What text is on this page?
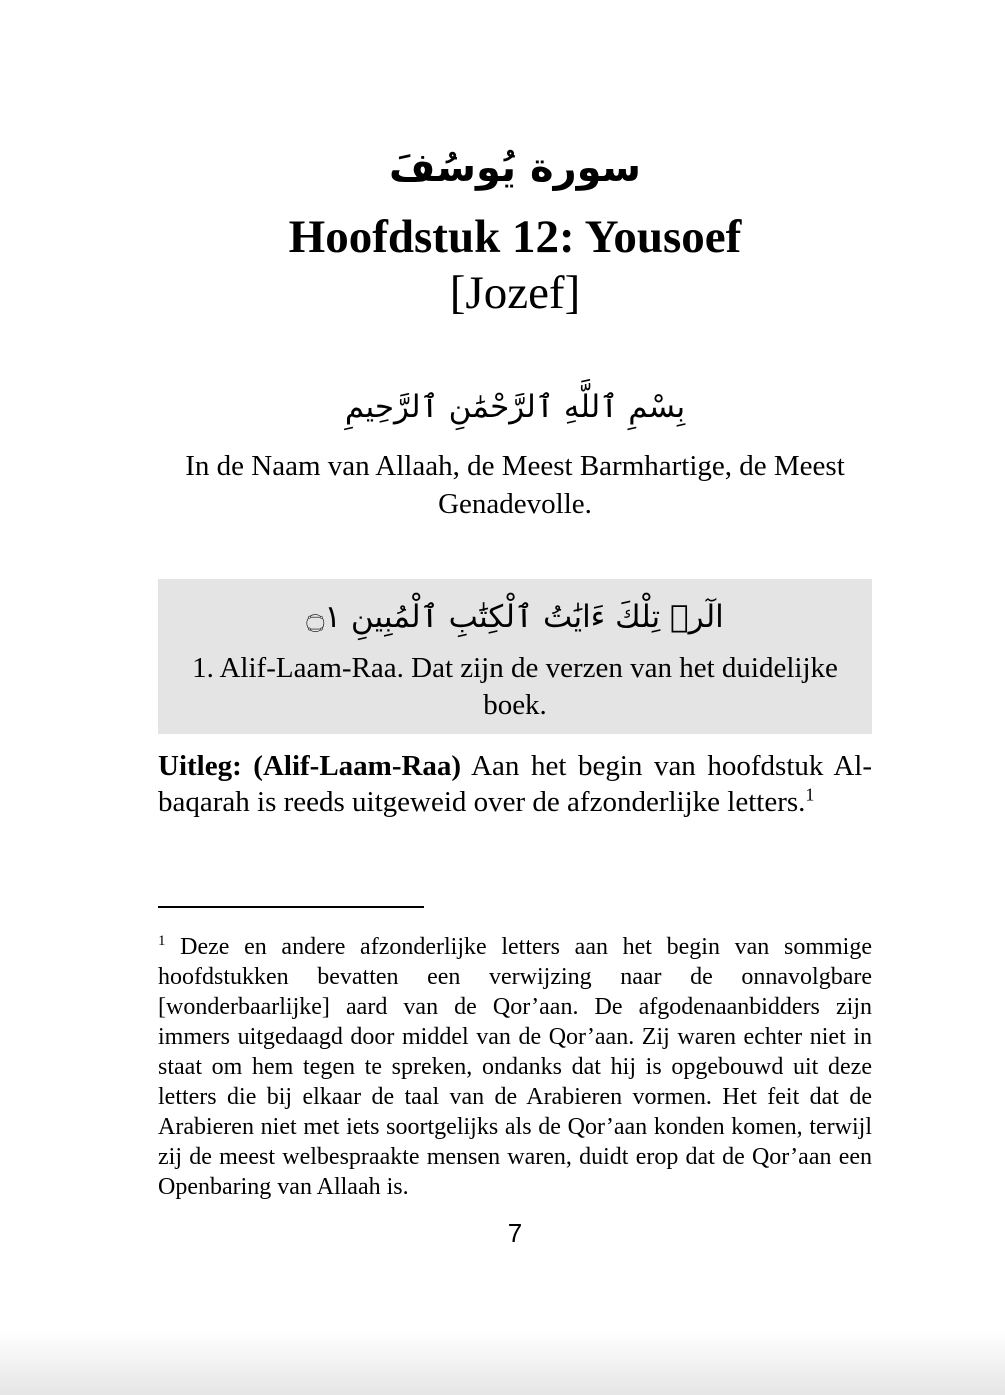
سورة يُوسُفَ
Hoofdstuk 12: Yousoef
[Jozef]
بِسْمِ ٱللَّهِ ٱلرَّحْمَٰنِ ٱلرَّحِيمِ
In de Naam van Allaah, de Meest Barmhartige, de Meest Genadevolle.
الٓرۚ تِلْكَ ءَايَٰتُ ٱلْكِتَٰبِ ٱلْمُبِينِ ۝١
1. Alif-Laam-Raa. Dat zijn de verzen van het duidelijke boek.

Uitleg: (Alif-Laam-Raa) Aan het begin van hoofdstuk Al-baqarah is reeds uitgeweid over de afzonderlijke letters.$^1$

$^1$ Deze en andere afzonderlijke letters aan het begin van sommige hoofdstukken bevatten een verwijzing naar de onnavolgbare [wonderbaarlijke] aard van de Qor’aan. De afgodenaanbidders zijn immers uitgedaagd door middel van de Qor’aan. Zij waren echter niet in staat om hem tegen te spreken, ondanks dat hij is opgebouwd uit deze letters die bij elkaar de taal van de Arabieren vormen. Het feit dat de Arabieren niet met iets soortgelijks als de Qor’aan konden komen, terwijl zij de meest welbespraakte mensen waren, duidt erop dat de Qor’aan een Openbaring van Allaah is.

7
